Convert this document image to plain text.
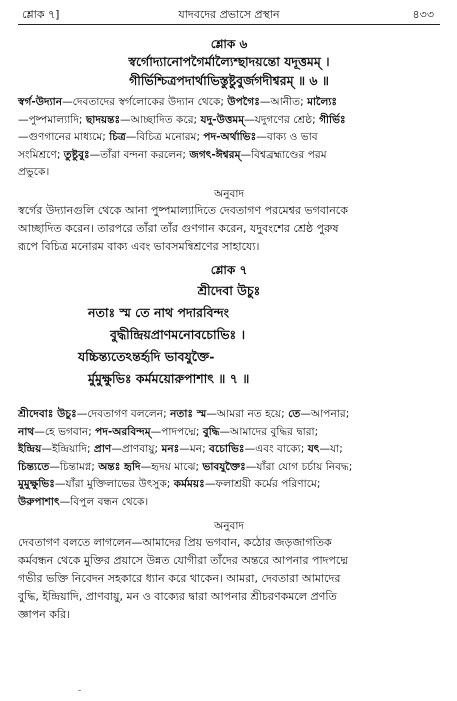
শ্লোক ৭]	যাদবদের প্রভাসে প্রস্থান	৪৩৩

শ্লোক ৬

স্বর্গোদ্যানোপগৈর্মাল্যৈশ্ছাদয়ন্তো যদূত্তমম্ ।

গীর্ভিশ্চিত্রপদার্থাভিস্তুষ্টুবুর্জগদীশ্বরম্ ॥ ৬ ॥

স্বর্গ-উদ্যান—দেবতাদের স্বর্গলোকের উদ্যান থেকে; উপগৈঃ—আনীত; মাল্যৈঃ

—পুষ্পমাল্যাদি; ছাদয়ন্তঃ—আচ্ছাদিত করে; যদু-উত্তমম্—যদুগণের শ্রেষ্ঠ; গীর্ভিঃ

—গুণগানের মাধ্যমে; চিত্র—বিচিত্র মনোরম; পদ-অর্থাভিঃ—বাক্য ও ভাব

সংমিশ্রণে; তুষ্টুবুঃ—তাঁরা বন্দনা করলেন; জগৎ-ঈশ্বরম্—বিশ্বব্রহ্মাণ্ডের পরম

প্রভুকে।

অনুবাদ

স্বর্গের উদ্যানগুলি থেকে আনা পুষ্পমাল্যাদিতে দেবতাগণ পরমেশ্বর ভগবানকে

আচ্ছাদিত করেন। তারপরে তাঁরা তাঁর গুণগান করেন, যদুবংশের শ্রেষ্ঠ পুরুষ

রূপে বিচিত্র মনোরম বাক্য এবং ভাবসমন্বিশ্রণের সাহায্যে।

শ্লোক ৭

শ্রীদেবা উচুঃ

নতাঃ স্ম তে নাথ পদারবিন্দং

বুদ্ধীন্দ্রিয়প্রাণমনোবচোভিঃ ।

যচ্চিন্ত্যতেঽন্তর্হৃদি ভাবযুক্তৈ-

র্মুমুক্ষুভিঃ কর্মময়োরুপাশাৎ ॥ ৭ ॥

শ্রীদেবাঃ উচুঃ—দেবতাগণ বললেন; নতাঃ স্ম—আমরা নত হয়ে; তে—আপনার;

নাথ—হে ভগবান; পদ-অরবিন্দম্—পাদপদ্মে; বুদ্ধি—আমাদের বুদ্ধির দ্বারা;

ইন্দ্রিয়—ইন্দ্রিয়াদি; প্রাণ—প্রাণবায়ু; মনঃ—মন; বচোভিঃ—এবং বাক্যে; যৎ—যা;

চিন্ত্যতে—চিন্তামগ্ন; অন্তঃ হৃদি—হৃদয় মাঝে; ভাবযুক্তৈঃ—যাঁরা যোগ চর্চায় নিবদ্ধ;

মুমুক্ষুভিঃ—যাঁরা মুক্তিলাভের উৎসুক; কর্মময়ঃ—ফলাশ্রয়ী কর্মের পরিণামে;

উরুপাশাৎ—বিপুল বন্ধন থেকে।

অনুবাদ

দেবতাগণ বলতে লাগলেন—আমাদের প্রিয় ভগবান, কঠোর জড়জাগতিক

কর্মবন্ধন থেকে মুক্তির প্রয়াসে উন্নত যোগীরা তাঁদের অন্তরে আপনার পাদপদ্মে

গভীর ভক্তি নিবেদন সহকারে ধ্যান করে থাকেন। আমরা, দেবতারা আমাদের

বুদ্ধি, ইন্দ্রিয়াদি, প্রাণবায়ু, মন ও বাক্যের দ্বারা আপনার শ্রীচরণকমলে প্রণতি

জ্ঞাপন করি।
